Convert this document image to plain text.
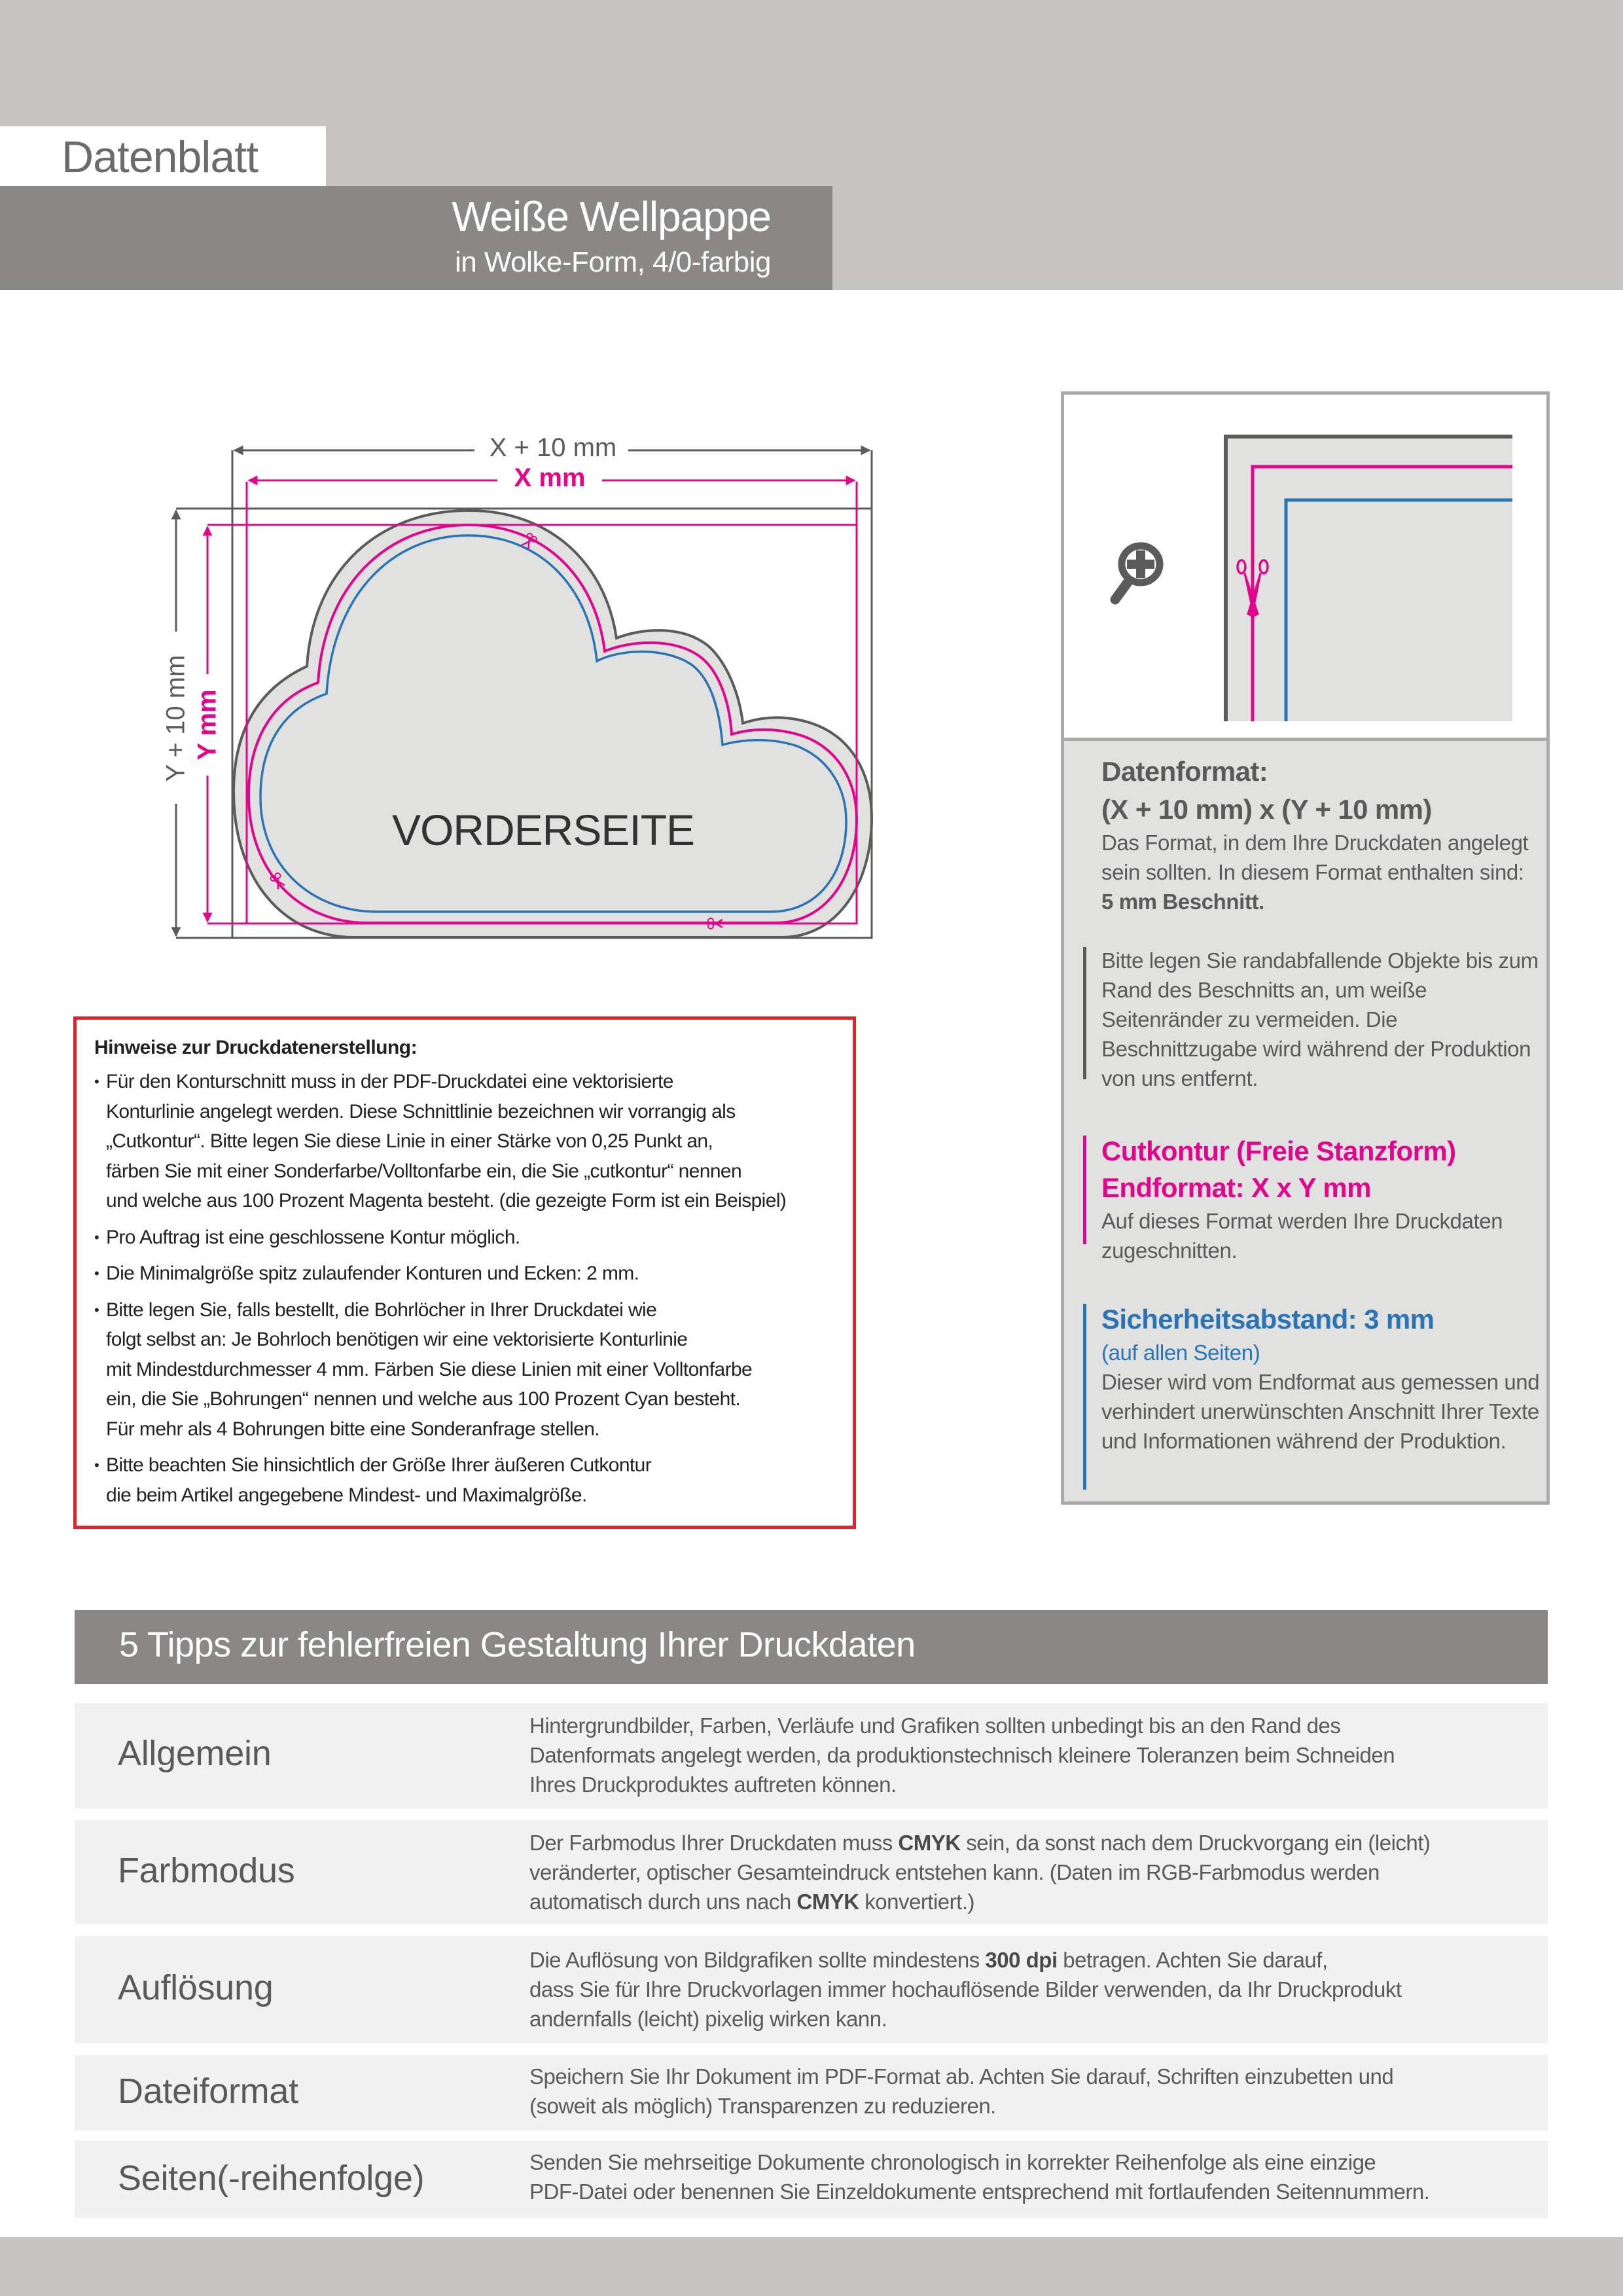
Datenblatt
Weiße Wellpappe
in Wolke-Form, 4/0-farbig
X + 10 mm
X mm
Y + 10 mm Y mm
VORDERSEITE
Hinweise zur Druckdatenerstellung:
• Für den Konturschnitt muss in der PDF-Druckdatei eine vektorisierte
Konturlinie angelegt werden. Diese Schnittlinie bezeichnen wir vorrangig als
„Cutkontur“. Bitte legen Sie diese Linie in einer Stärke von 0,25 Punkt an,
färben Sie mit einer Sonderfarbe/Volltonfarbe ein, die Sie „cutkontur“ nennen
und welche aus 100 Prozent Magenta besteht. (die gezeigte Form ist ein Beispiel)
• Pro Auftrag ist eine geschlossene Kontur möglich.
• Die Minimalgröße spitz zulaufender Konturen und Ecken: 2 mm.
• Bitte legen Sie, falls bestellt, die Bohrlöcher in Ihrer Druckdatei wie
folgt selbst an: Je Bohrloch benötigen wir eine vektorisierte Konturlinie
mit Mindestdurchmesser 4 mm. Färben Sie diese Linien mit einer Volltonfarbe
ein, die Sie „Bohrungen“ nennen und welche aus 100 Prozent Cyan besteht.
Für mehr als 4 Bohrungen bitte eine Sonderanfrage stellen.
• Bitte beachten Sie hinsichtlich der Größe Ihrer äußeren Cutkontur
die beim Artikel angegebene Mindest- und Maximalgröße.
Datenformat:
(X + 10 mm) x (Y + 10 mm)
Das Format, in dem Ihre Druckdaten angelegt sein sollten. In diesem Format enthalten sind: 5 mm Beschnitt.
Bitte legen Sie randabfallende Objekte bis zum Rand des Beschnitts an, um weiße Seitenränder zu vermeiden. Die Beschnittzugabe wird während der Produktion von uns entfernt.
Cutkontur (Freie Stanzform)
Endformat: X x Y mm
Auf dieses Format werden Ihre Druckdaten zugeschnitten.
Sicherheitsabstand: 3 mm
(auf allen Seiten)
Dieser wird vom Endformat aus gemessen und verhindert unerwünschten Anschnitt Ihrer Texte und Informationen während der Produktion.
5 Tipps zur fehlerfreien Gestaltung Ihrer Druckdaten
Allgemein
Hintergrundbilder, Farben, Verläufe und Grafiken sollten unbedingt bis an den Rand des
Datenformats angelegt werden, da produktionstechnisch kleinere Toleranzen beim Schneiden
Ihres Druckproduktes auftreten können.
Farbmodus
Der Farbmodus Ihrer Druckdaten muss CMYK sein, da sonst nach dem Druckvorgang ein (leicht)
veränderter, optischer Gesamteindruck entstehen kann. (Daten im RGB-Farbmodus werden
automatisch durch uns nach CMYK konvertiert.)
Auflösung
Die Auflösung von Bildgrafiken sollte mindestens 300 dpi betragen. Achten Sie darauf,
dass Sie für Ihre Druckvorlagen immer hochauflösende Bilder verwenden, da Ihr Druckprodukt
andernfalls (leicht) pixelig wirken kann.
Dateiformat	Speichern Sie Ihr Dokument im PDF-Format ab. Achten Sie darauf, Schriften einzubetten und
(soweit als möglich) Transparenzen zu reduzieren.
Seiten(-reihenfolge)	Senden Sie mehrseitige Dokumente chronologisch in korrekter Reihenfolge als eine einzige
PDF-Datei oder benennen Sie Einzeldokumente entsprechend mit fortlaufenden Seitennummern.
